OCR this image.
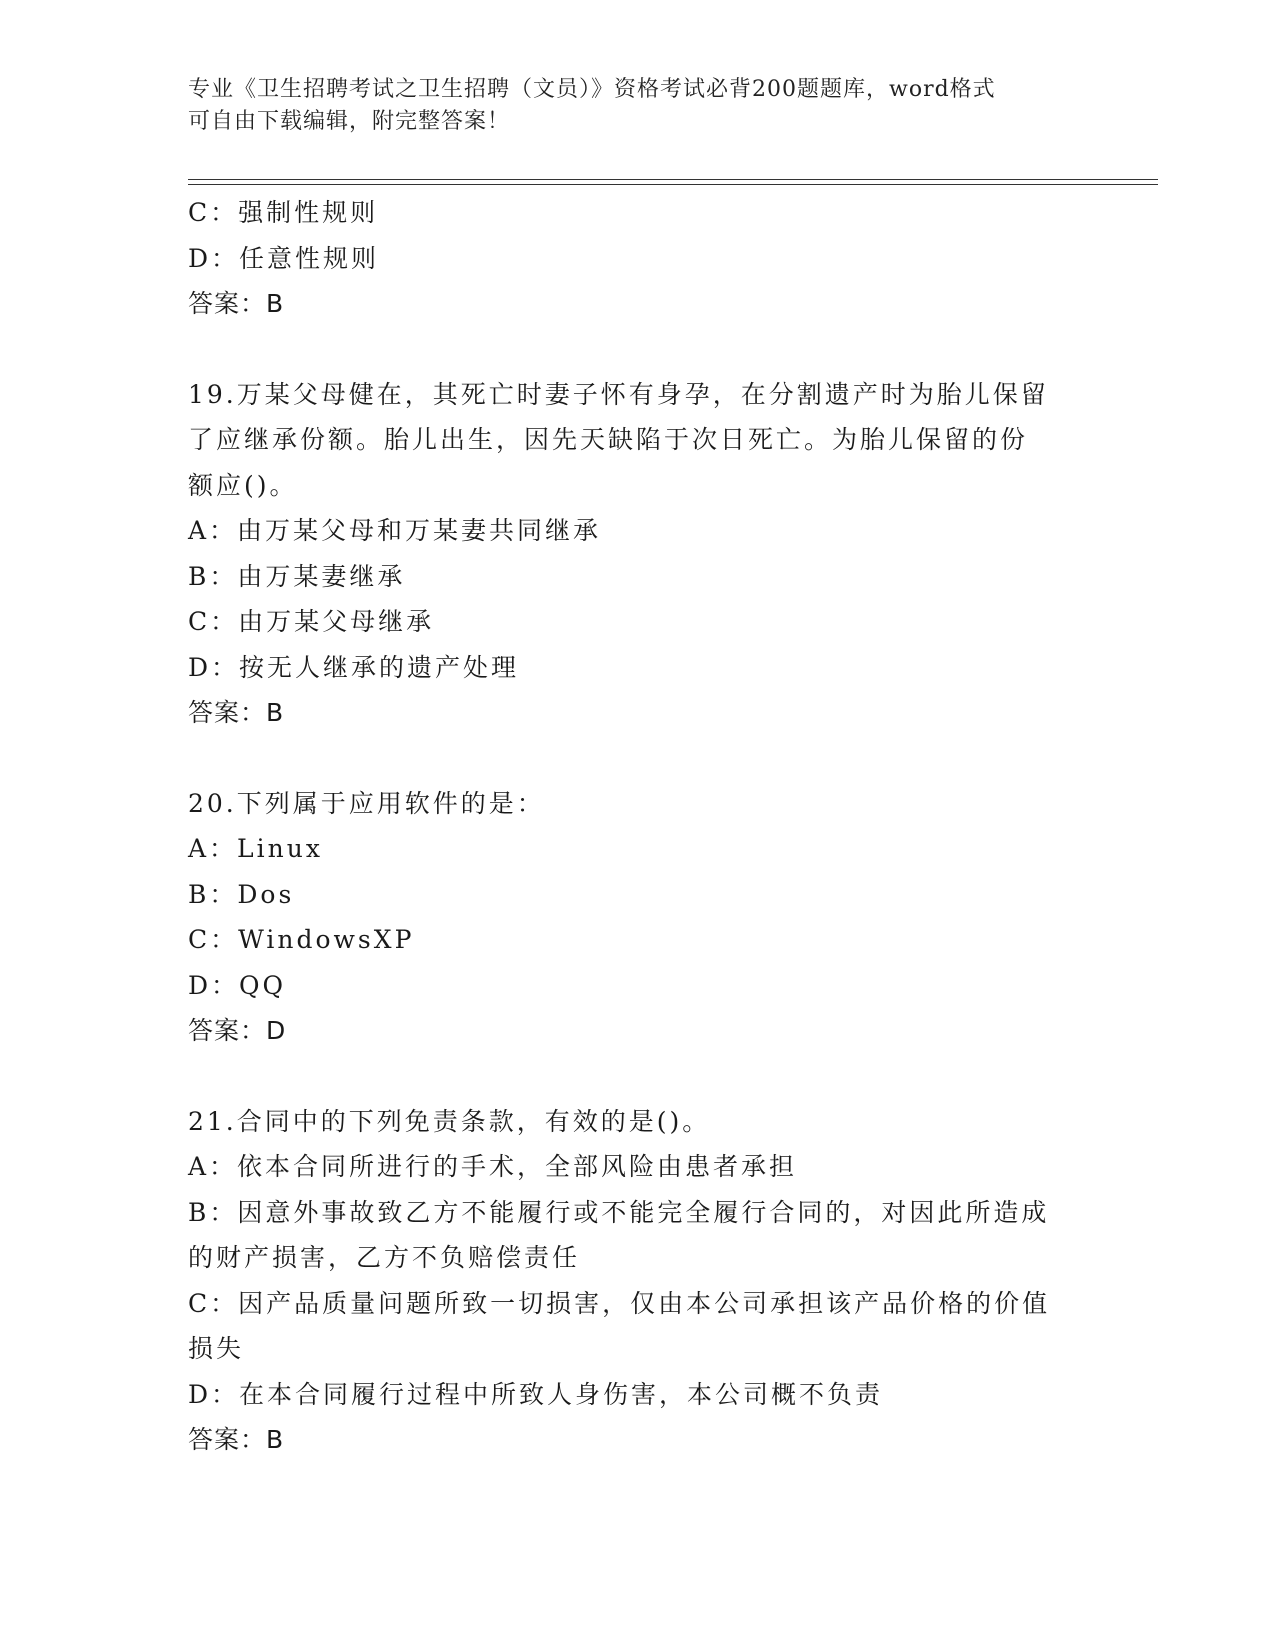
专业《卫生招聘考试之卫生招聘（文员）》资格考试必背200题题库，word格式
可自由下载编辑，附完整答案！
C：强制性规则
D：任意性规则
答案：B
19.万某父母健在，其死亡时妻子怀有身孕，在分割遗产时为胎儿保留
了应继承份额。胎儿出生，因先天缺陷于次日死亡。为胎儿保留的份
额应()。
A：由万某父母和万某妻共同继承
B：由万某妻继承
C：由万某父母继承
D：按无人继承的遗产处理
答案：B
20.下列属于应用软件的是：
A：Linux
B：Dos
C：WindowsXP
D：QQ
答案：D
21.合同中的下列免责条款，有效的是()。
A：依本合同所进行的手术，全部风险由患者承担
B：因意外事故致乙方不能履行或不能完全履行合同的，对因此所造成
的财产损害，乙方不负赔偿责任
C：因产品质量问题所致一切损害，仅由本公司承担该产品价格的价值
损失
D：在本合同履行过程中所致人身伤害，本公司概不负责
答案：B
